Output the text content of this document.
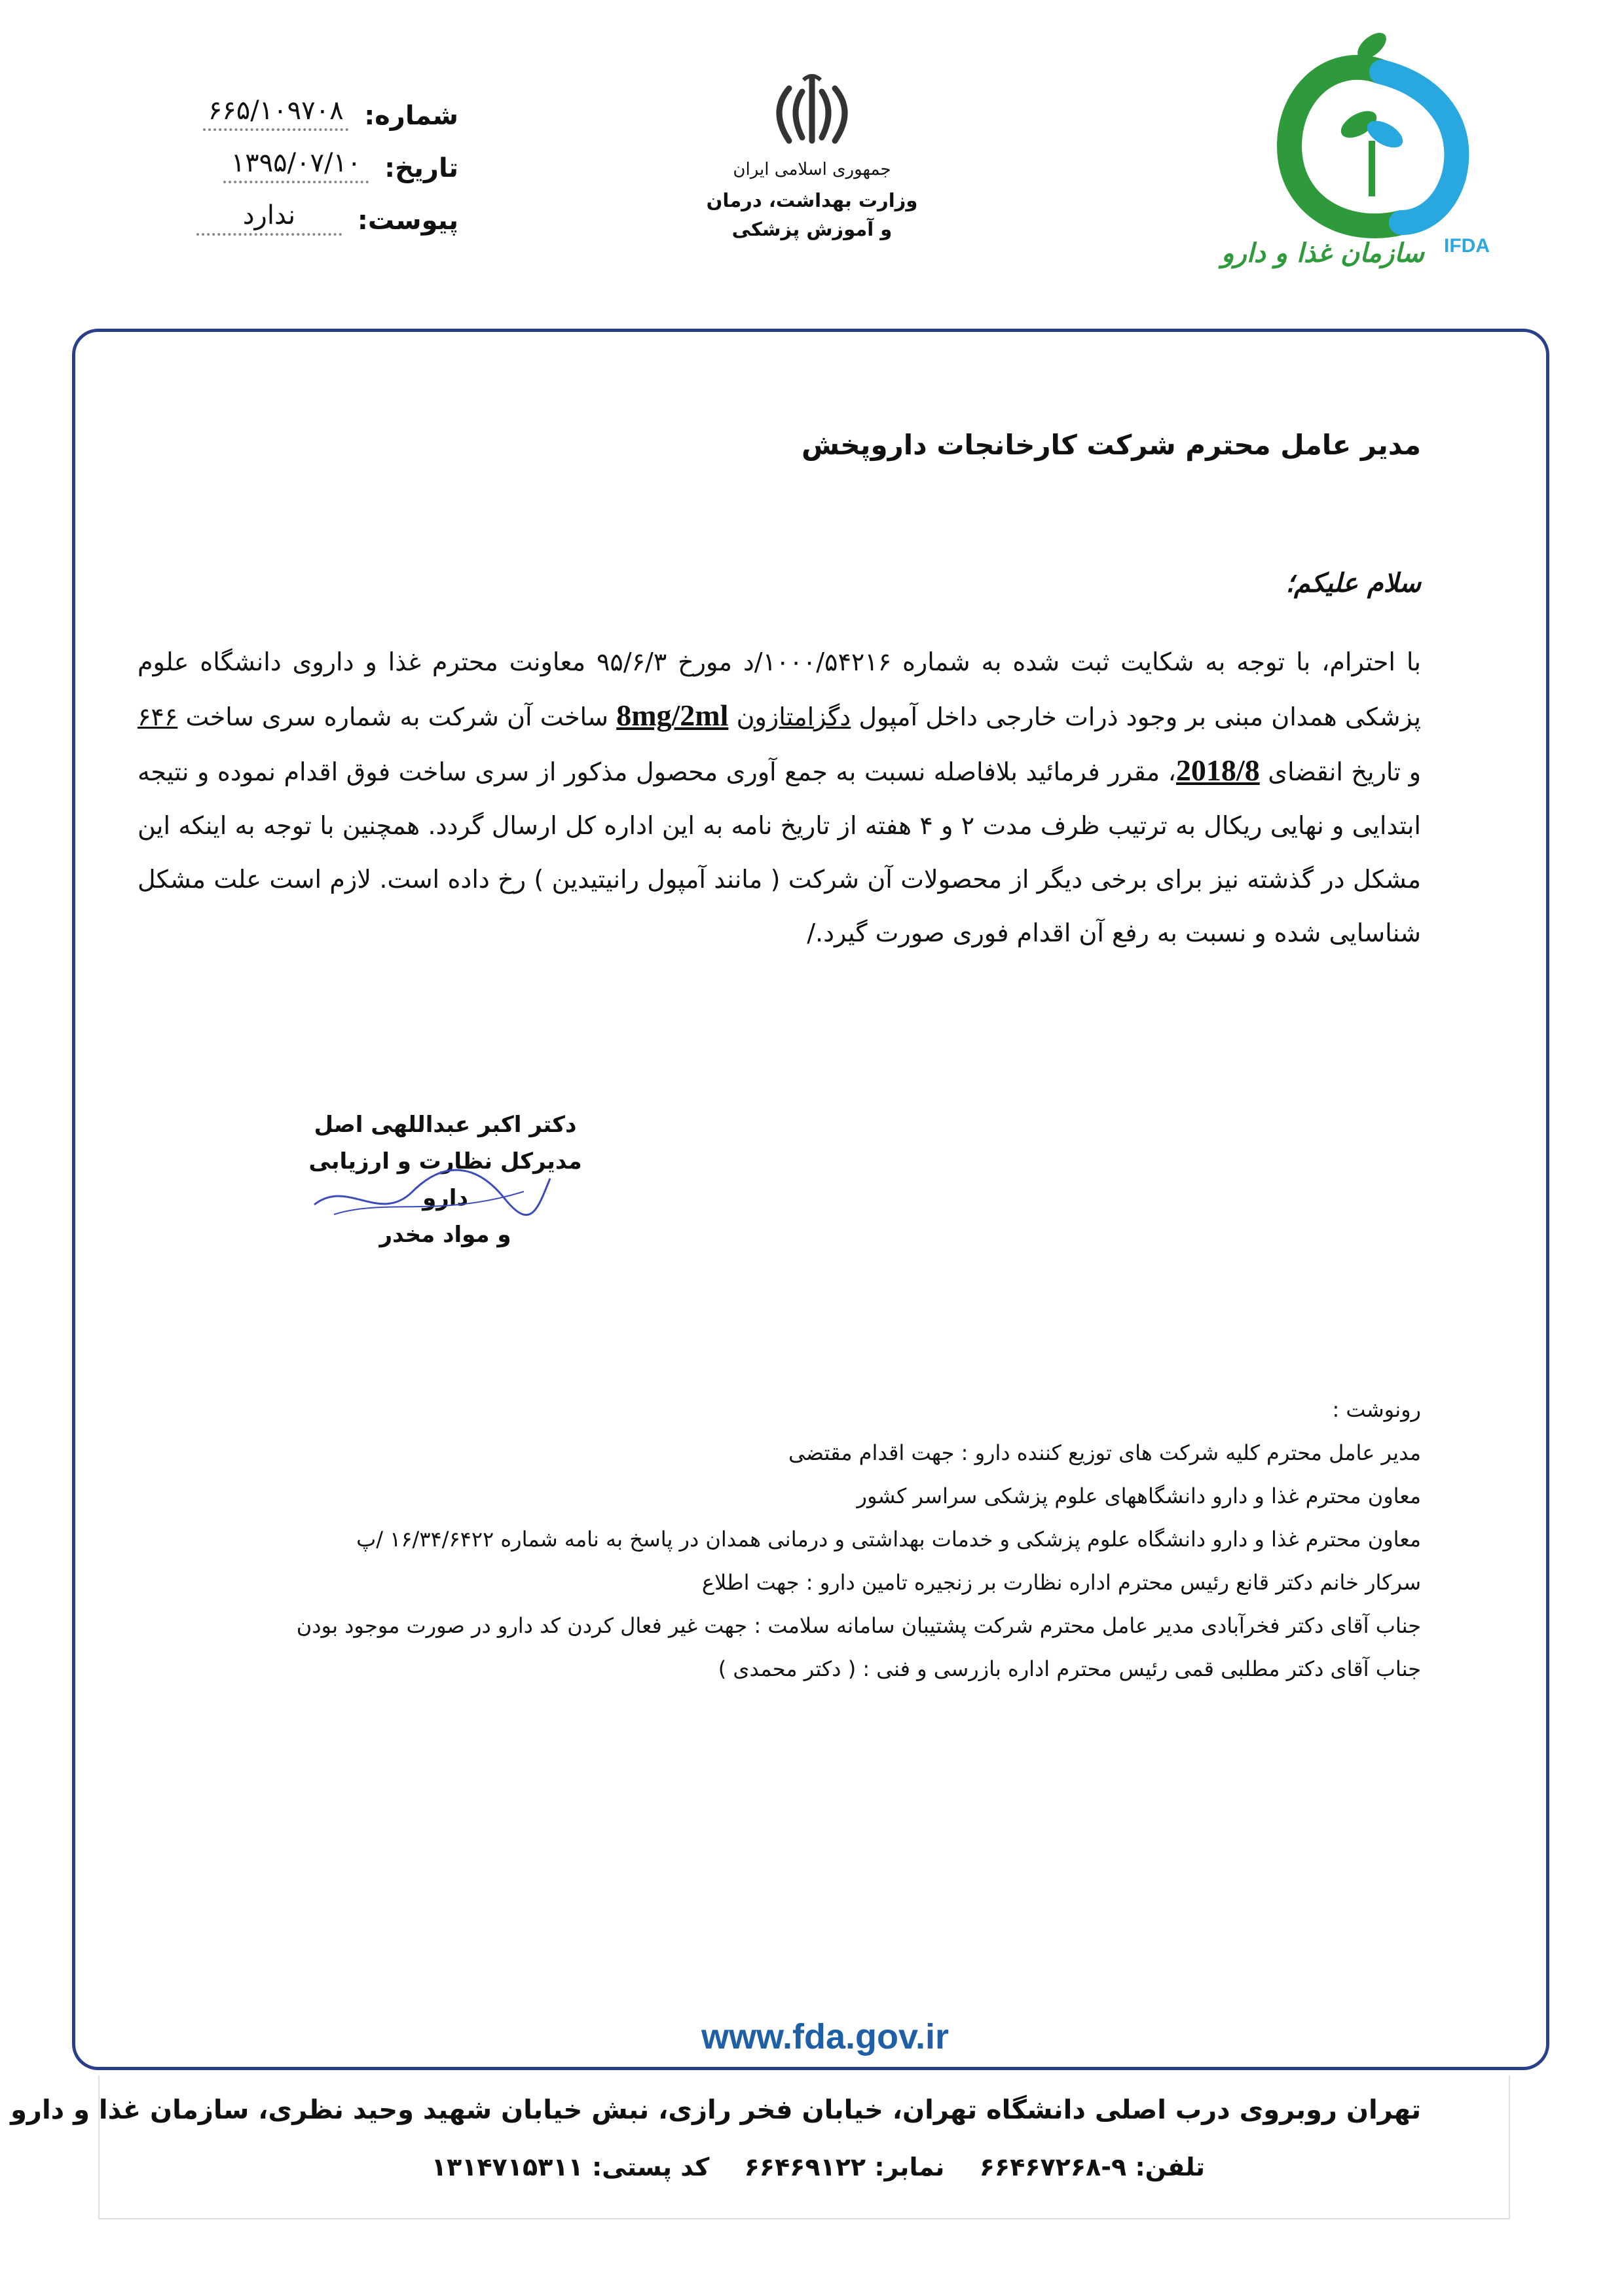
شماره:
۶۶۵/۱۰۹۷۰۸
تاریخ:
۱۳۹۵/۰۷/۱۰
پیوست:
ندارد
جمهوری اسلامی ایران
وزارت بهداشت، درمان
و آموزش پزشکی
سازمان غذا و دارو IFDA
مدیر عامل محترم شرکت کارخانجات داروپخش
سلام علیکم؛
با احترام، با توجه به شکایت ثبت شده به شماره ۱۰۰۰/۵۴۲۱۶/د مورخ ۹۵/۶/۳ معاونت محترم غذا و داروی دانشگاه علوم پزشکی همدان مبنی بر وجود ذرات خارجی داخل آمپول دگزامتازون 8mg/2ml ساخت آن شرکت به شماره سری ساخت ۶۴۶ و تاریخ انقضای 2018/8، مقرر فرمائید بلافاصله نسبت به جمع آوری محصول مذکور از سری ساخت فوق اقدام نموده و نتیجه ابتدایی و نهایی ریکال به ترتیب ظرف مدت ۲ و ۴ هفته از تاریخ نامه به این اداره کل ارسال گردد. همچنین با توجه به اینکه این مشکل در گذشته نیز برای برخی دیگر از محصولات آن شرکت ( مانند آمپول رانیتیدین ) رخ داده است. لازم است علت مشکل شناسایی شده و نسبت به رفع آن اقدام فوری صورت گیرد./
دکتر اکبر عبداللهی اصل
مدیرکل نظارت و ارزیابی دارو
و مواد مخدر
رونوشت :
مدیر عامل محترم کلیه شرکت های توزیع کننده دارو : جهت اقدام مقتضی
معاون محترم غذا و دارو دانشگاههای علوم پزشکی سراسر کشور
معاون محترم غذا و دارو دانشگاه علوم پزشکی و خدمات بهداشتی و درمانی همدان در پاسخ به نامه شماره ۱۶/۳۴/۶۴۲۲ /پ
سرکار خانم دکتر قانع رئیس محترم اداره نظارت بر زنجیره تامین دارو : جهت اطلاع
جناب آقای دکتر فخرآبادی مدیر عامل محترم شرکت پشتیبان سامانه سلامت : جهت غیر فعال کردن کد دارو در صورت موجود بودن
جناب آقای دکتر مطلبی قمی رئیس محترم اداره بازرسی و فنی : ( دکتر محمدی )
www.fda.gov.ir
تهران روبروی درب اصلی دانشگاه تهران، خیابان فخر رازی، نبش خیابان شهید وحید نظری، سازمان غذا و دارو
تلفن: ۹-۶۶۴۶۷۲۶۸ نمابر: ۶۶۴۶۹۱۲۲ کد پستی: ۱۳۱۴۷۱۵۳۱۱
